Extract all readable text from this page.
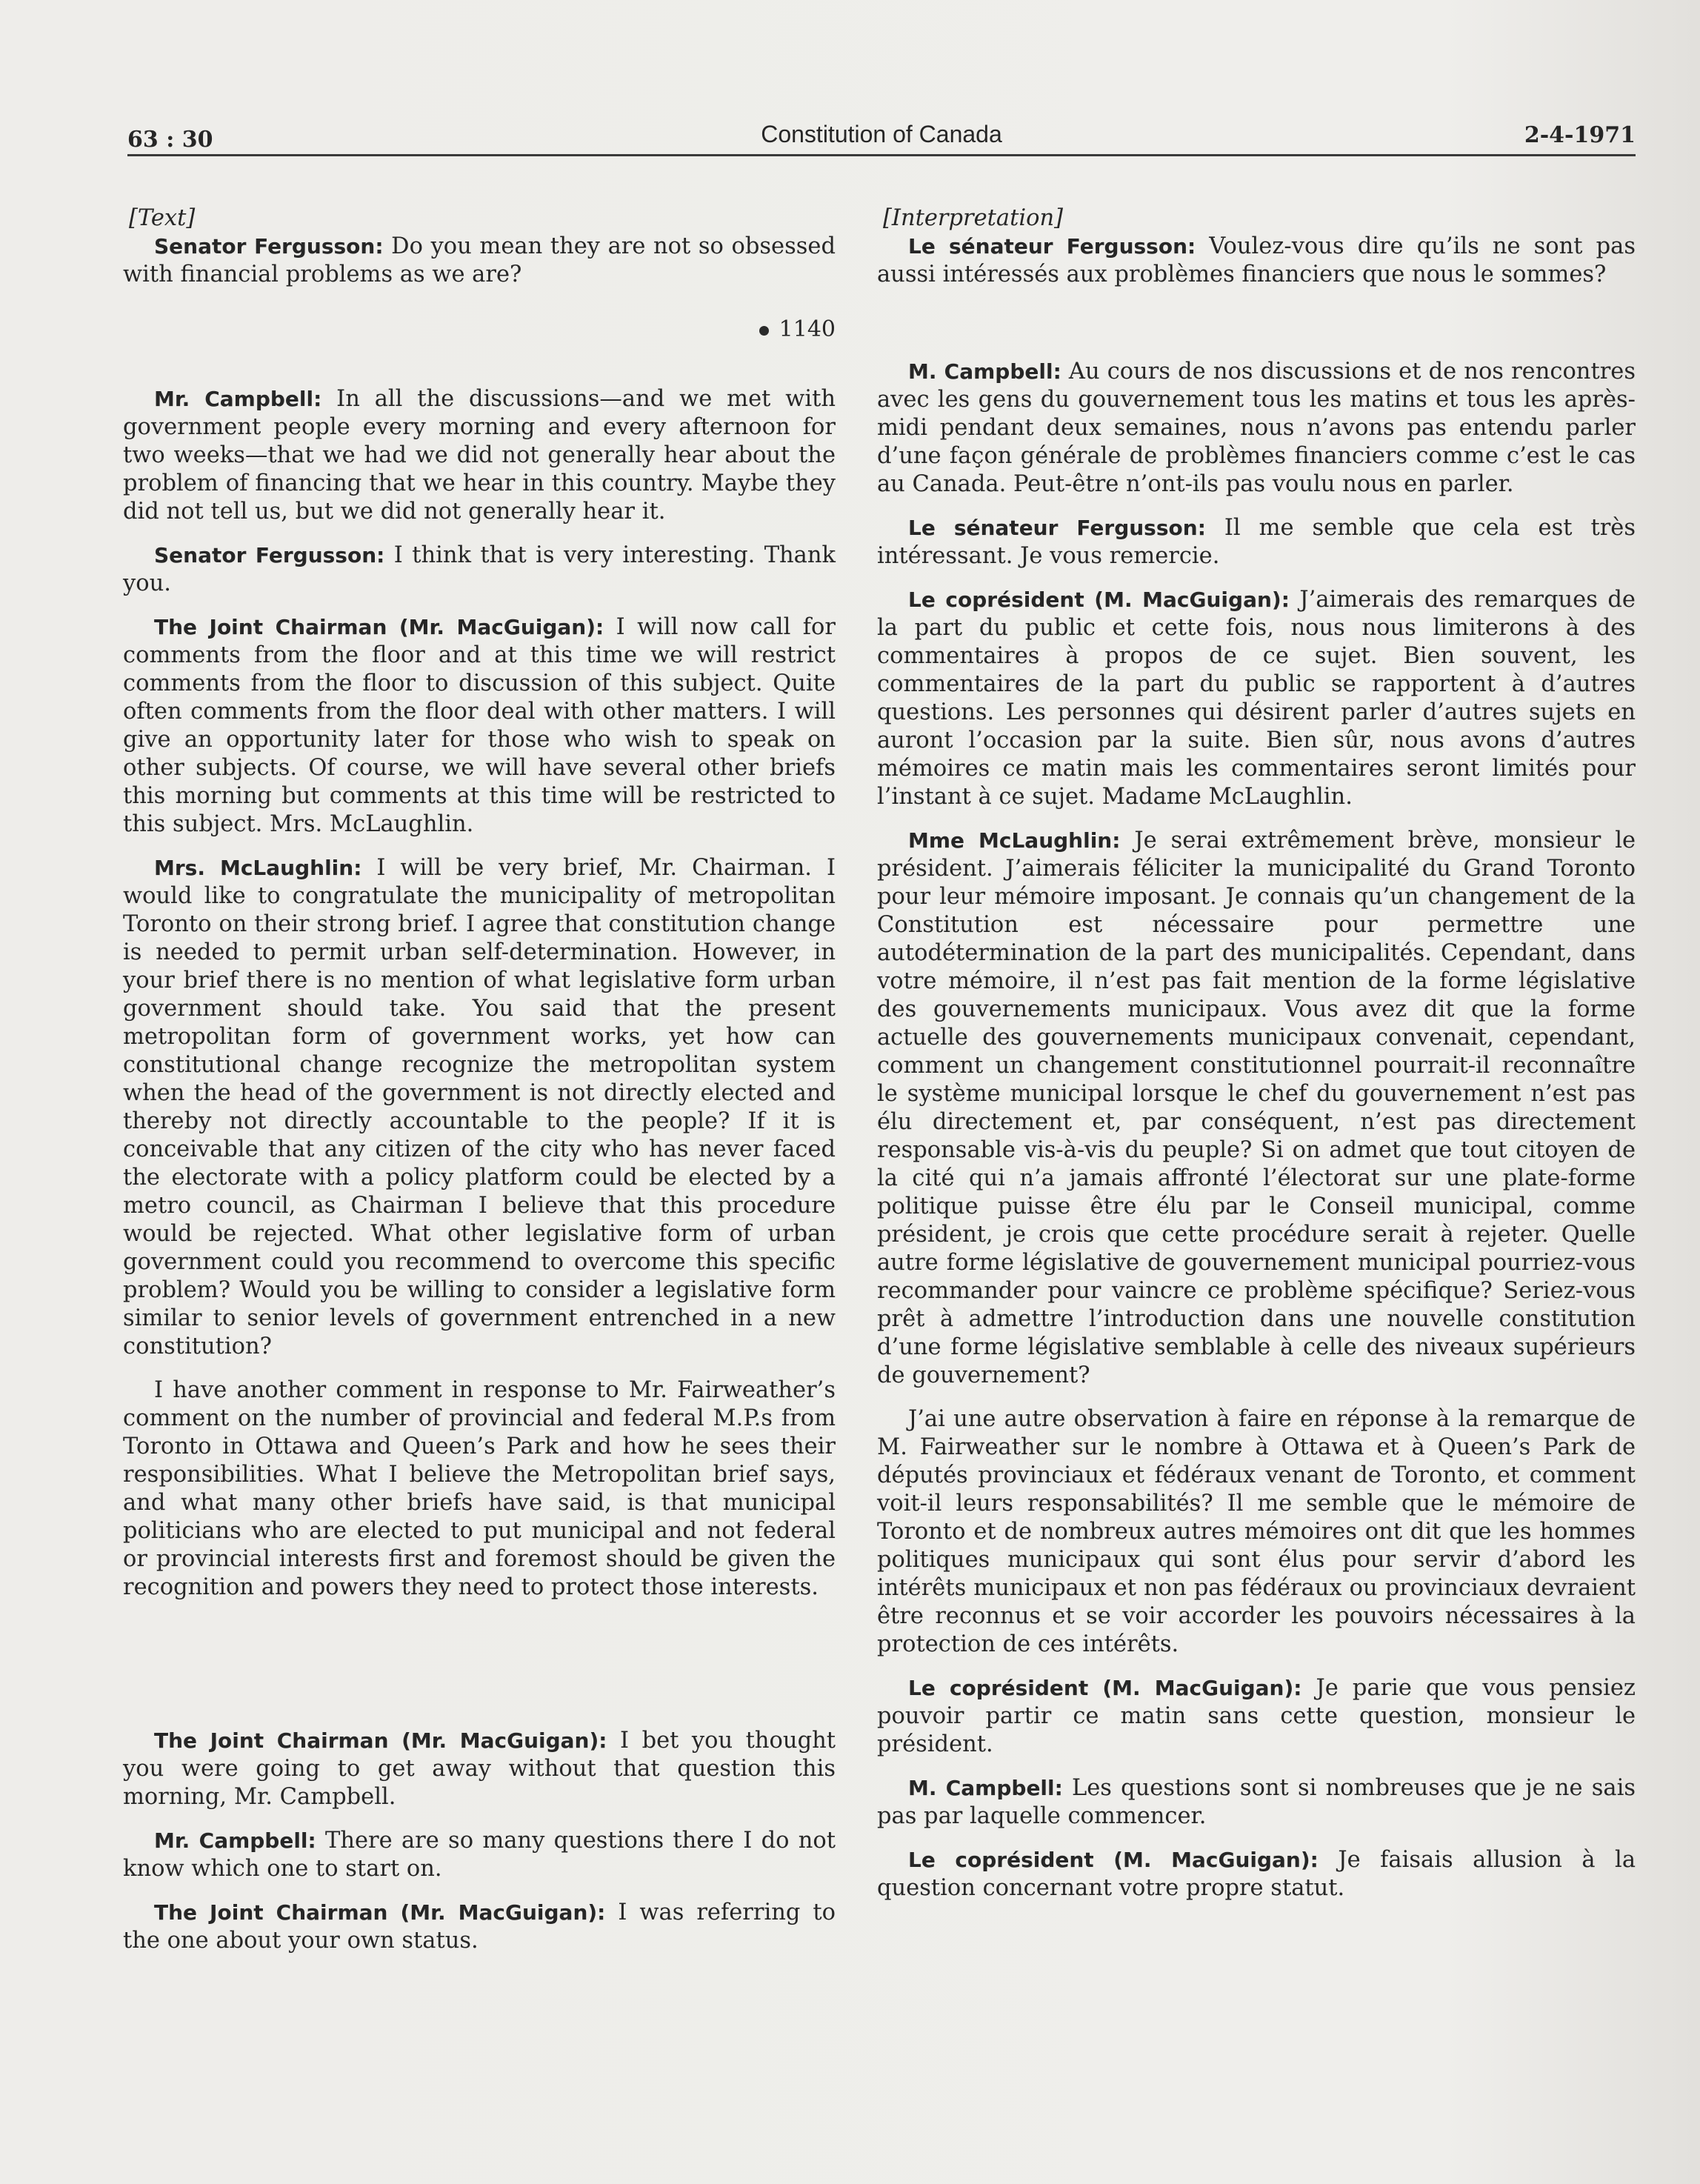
63 : 30	Constitution of Canada	2-4-1971
[Text]

Senator Fergusson: Do you mean they are not so obsessed with financial problems as we are?

1140

Mr. Campbell: In all the discussions—and we met with government people every morning and every afternoon for two weeks—that we had we did not generally hear about the problem of financing that we hear in this country. Maybe they did not tell us, but we did not generally hear it.

Senator Fergusson: I think that is very interesting. Thank you.

The Joint Chairman (Mr. MacGuigan): I will now call for comments from the floor and at this time we will restrict comments from the floor to discussion of this subject. Quite often comments from the floor deal with other matters. I will give an opportunity later for those who wish to speak on other subjects. Of course, we will have several other briefs this morning but comments at this time will be restricted to this subject. Mrs. McLaughlin.

Mrs. McLaughlin: I will be very brief, Mr. Chairman. I would like to congratulate the municipality of metropolitan Toronto on their strong brief. I agree that constitution change is needed to permit urban self-determination. However, in your brief there is no mention of what legislative form urban government should take. You said that the present metropolitan form of government works, yet how can constitutional change recognize the metropolitan system when the head of the government is not directly elected and thereby not directly accountable to the people? If it is conceivable that any citizen of the city who has never faced the electorate with a policy platform could be elected by a metro council, as Chairman I believe that this procedure would be rejected. What other legislative form of urban government could you recommend to overcome this specific problem? Would you be willing to consider a legislative form similar to senior levels of government entrenched in a new constitution?

I have another comment in response to Mr. Fairweather’s comment on the number of provincial and federal M.P.s from Toronto in Ottawa and Queen’s Park and how he sees their responsibilities. What I believe the Metropolitan brief says, and what many other briefs have said, is that municipal politicians who are elected to put municipal and not federal or provincial interests first and foremost should be given the recognition and powers they need to protect those interests.

The Joint Chairman (Mr. MacGuigan): I bet you thought you were going to get away without that question this morning, Mr. Campbell.

Mr. Campbell: There are so many questions there I do not know which one to start on.

The Joint Chairman (Mr. MacGuigan): I was referring to the one about your own status.

[Interpretation]

Le sénateur Fergusson: Voulez-vous dire qu’ils ne sont pas aussi intéressés aux problèmes financiers que nous le sommes?

M. Campbell: Au cours de nos discussions et de nos rencontres avec les gens du gouvernement tous les matins et tous les après-midi pendant deux semaines, nous n’avons pas entendu parler d’une façon générale de problèmes financiers comme c’est le cas au Canada. Peut-être n’ont-ils pas voulu nous en parler.

Le sénateur Fergusson: Il me semble que cela est très intéressant. Je vous remercie.

Le coprésident (M. MacGuigan): J’aimerais des remarques de la part du public et cette fois, nous nous limiterons à des commentaires à propos de ce sujet. Bien souvent, les commentaires de la part du public se rapportent à d’autres questions. Les personnes qui désirent parler d’autres sujets en auront l’occasion par la suite. Bien sûr, nous avons d’autres mémoires ce matin mais les commentaires seront limités pour l’instant à ce sujet. Madame McLaughlin.

Mme McLaughlin: Je serai extrêmement brève, monsieur le président. J’aimerais féliciter la municipalité du Grand Toronto pour leur mémoire imposant. Je connais qu’un changement de la Constitution est nécessaire pour permettre une autodétermination de la part des municipalités. Cependant, dans votre mémoire, il n’est pas fait mention de la forme législative des gouvernements municipaux. Vous avez dit que la forme actuelle des gouvernements municipaux convenait, cependant, comment un changement constitutionnel pourrait-il reconnaître le système municipal lorsque le chef du gouvernement n’est pas élu directement et, par conséquent, n’est pas directement responsable vis-à-vis du peuple? Si on admet que tout citoyen de la cité qui n’a jamais affronté l’électorat sur une plate-forme politique puisse être élu par le Conseil municipal, comme président, je crois que cette procédure serait à rejeter. Quelle autre forme législative de gouvernement municipal pourriez-vous recommander pour vaincre ce problème spécifique? Seriez-vous prêt à admettre l’introduction dans une nouvelle constitution d’une forme législative semblable à celle des niveaux supérieurs de gouvernement?

J’ai une autre observation à faire en réponse à la remarque de M. Fairweather sur le nombre à Ottawa et à Queen’s Park de députés provinciaux et fédéraux venant de Toronto, et comment voit-il leurs responsabilités? Il me semble que le mémoire de Toronto et de nombreux autres mémoires ont dit que les hommes politiques municipaux qui sont élus pour servir d’abord les intérêts municipaux et non pas fédéraux ou provinciaux devraient être reconnus et se voir accorder les pouvoirs nécessaires à la protection de ces intérêts.

Le coprésident (M. MacGuigan): Je parie que vous pensiez pouvoir partir ce matin sans cette question, monsieur le président.

M. Campbell: Les questions sont si nombreuses que je ne sais pas par laquelle commencer.

Le coprésident (M. MacGuigan): Je faisais allusion à la question concernant votre propre statut.
